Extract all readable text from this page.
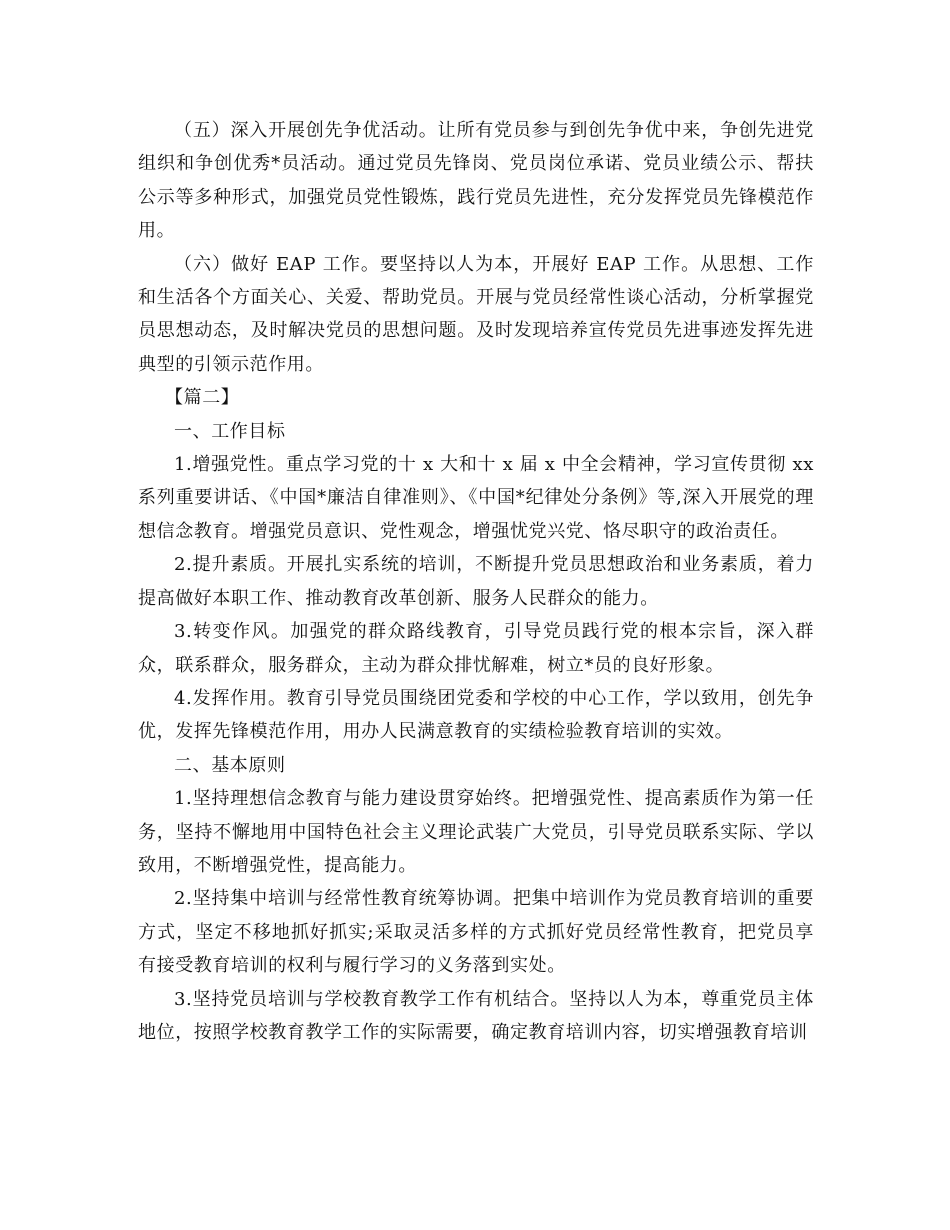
（五）深入开展创先争优活动。让所有党员参与到创先争优中来，争创先进党组织和争创优秀*员活动。通过党员先锋岗、党员岗位承诺、党员业绩公示、帮扶公示等多种形式，加强党员党性锻炼，践行党员先进性，充分发挥党员先锋模范作用。

（六）做好 EAP 工作。要坚持以人为本，开展好 EAP 工作。从思想、工作和生活各个方面关心、关爱、帮助党员。开展与党员经常性谈心活动，分析掌握党员思想动态，及时解决党员的思想问题。及时发现培养宣传党员先进事迹发挥先进典型的引领示范作用。

【篇二】

一、工作目标

1.增强党性。重点学习党的十 x 大和十 x 届 x 中全会精神，学习宣传贯彻 xx 系列重要讲话、《中国*廉洁自律准则》、《中国*纪律处分条例》等,深入开展党的理想信念教育。增强党员意识、党性观念，增强忧党兴党、恪尽职守的政治责任。

2.提升素质。开展扎实系统的培训，不断提升党员思想政治和业务素质，着力提高做好本职工作、推动教育改革创新、服务人民群众的能力。

3.转变作风。加强党的群众路线教育，引导党员践行党的根本宗旨，深入群众，联系群众，服务群众，主动为群众排忧解难，树立*员的良好形象。

4.发挥作用。教育引导党员围绕团党委和学校的中心工作，学以致用，创先争优，发挥先锋模范作用，用办人民满意教育的实绩检验教育培训的实效。

二、基本原则

1.坚持理想信念教育与能力建设贯穿始终。把增强党性、提高素质作为第一任务，坚持不懈地用中国特色社会主义理论武装广大党员，引导党员联系实际、学以致用，不断增强党性，提高能力。

2.坚持集中培训与经常性教育统筹协调。把集中培训作为党员教育培训的重要方式，坚定不移地抓好抓实;采取灵活多样的方式抓好党员经常性教育，把党员享有接受教育培训的权利与履行学习的义务落到实处。

3.坚持党员培训与学校教育教学工作有机结合。坚持以人为本，尊重党员主体地位，按照学校教育教学工作的实际需要，确定教育培训内容，切实增强教育培训
